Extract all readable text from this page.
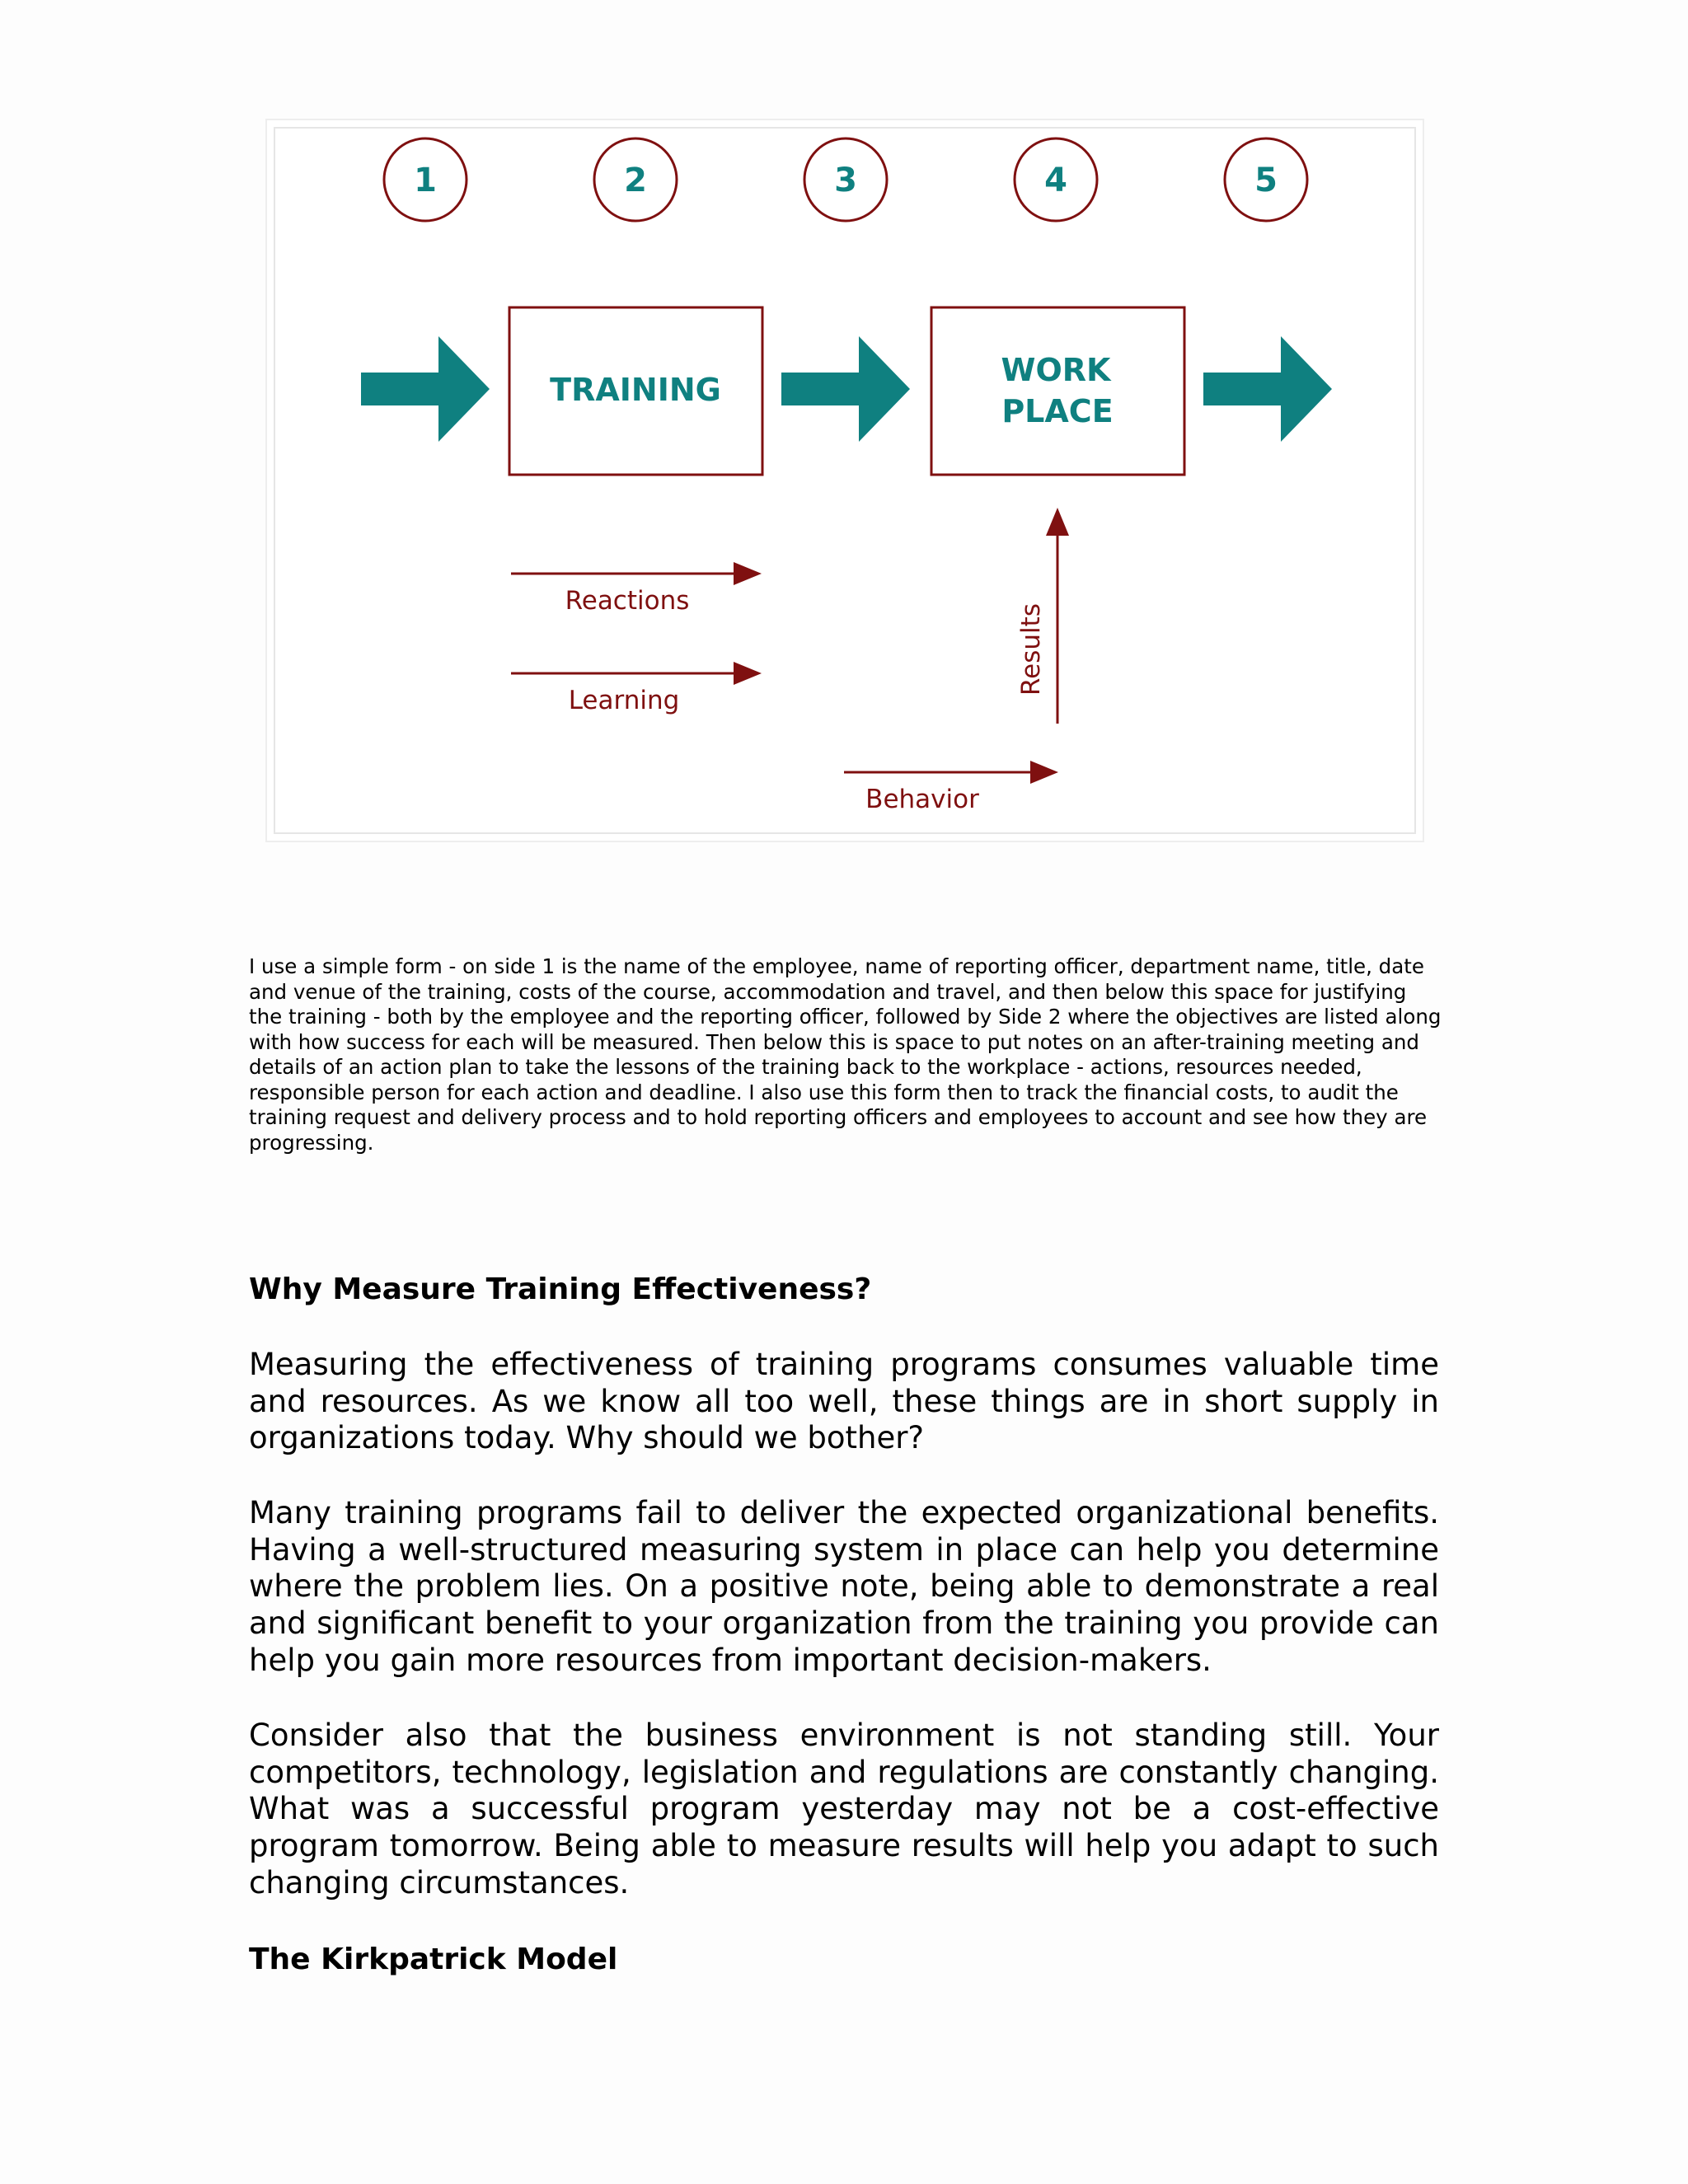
1	2	3	4	5
TRAINING
WORK
PLACE
Reactions
Learning
Behavior
Results

I use a simple form - on side 1 is the name of the employee, name of reporting officer, department name, title, date and venue of the training, costs of the course, accommodation and travel, and then below this space for justifying the training - both by the employee and the reporting officer, followed by Side 2 where the objectives are listed along with how success for each will be measured. Then below this is space to put notes on an after-training meeting and details of an action plan to take the lessons of the training back to the workplace - actions, resources needed, responsible person for each action and deadline. I also use this form then to track the financial costs, to audit the training request and delivery process and to hold reporting officers and employees to account and see how they are progressing.

Why Measure Training Effectiveness?

Measuring the effectiveness of training programs consumes valuable time and resources. As we know all too well, these things are in short supply in organizations today. Why should we bother?

Many training programs fail to deliver the expected organizational benefits. Having a well-structured measuring system in place can help you determine where the problem lies. On a positive note, being able to demonstrate a real and significant benefit to your organization from the training you provide can help you gain more resources from important decision-makers.

Consider also that the business environment is not standing still. Your competitors, technology, legislation and regulations are constantly changing. What was a successful program yesterday may not be a cost-effective program tomorrow. Being able to measure results will help you adapt to such changing circumstances.

The Kirkpatrick Model
